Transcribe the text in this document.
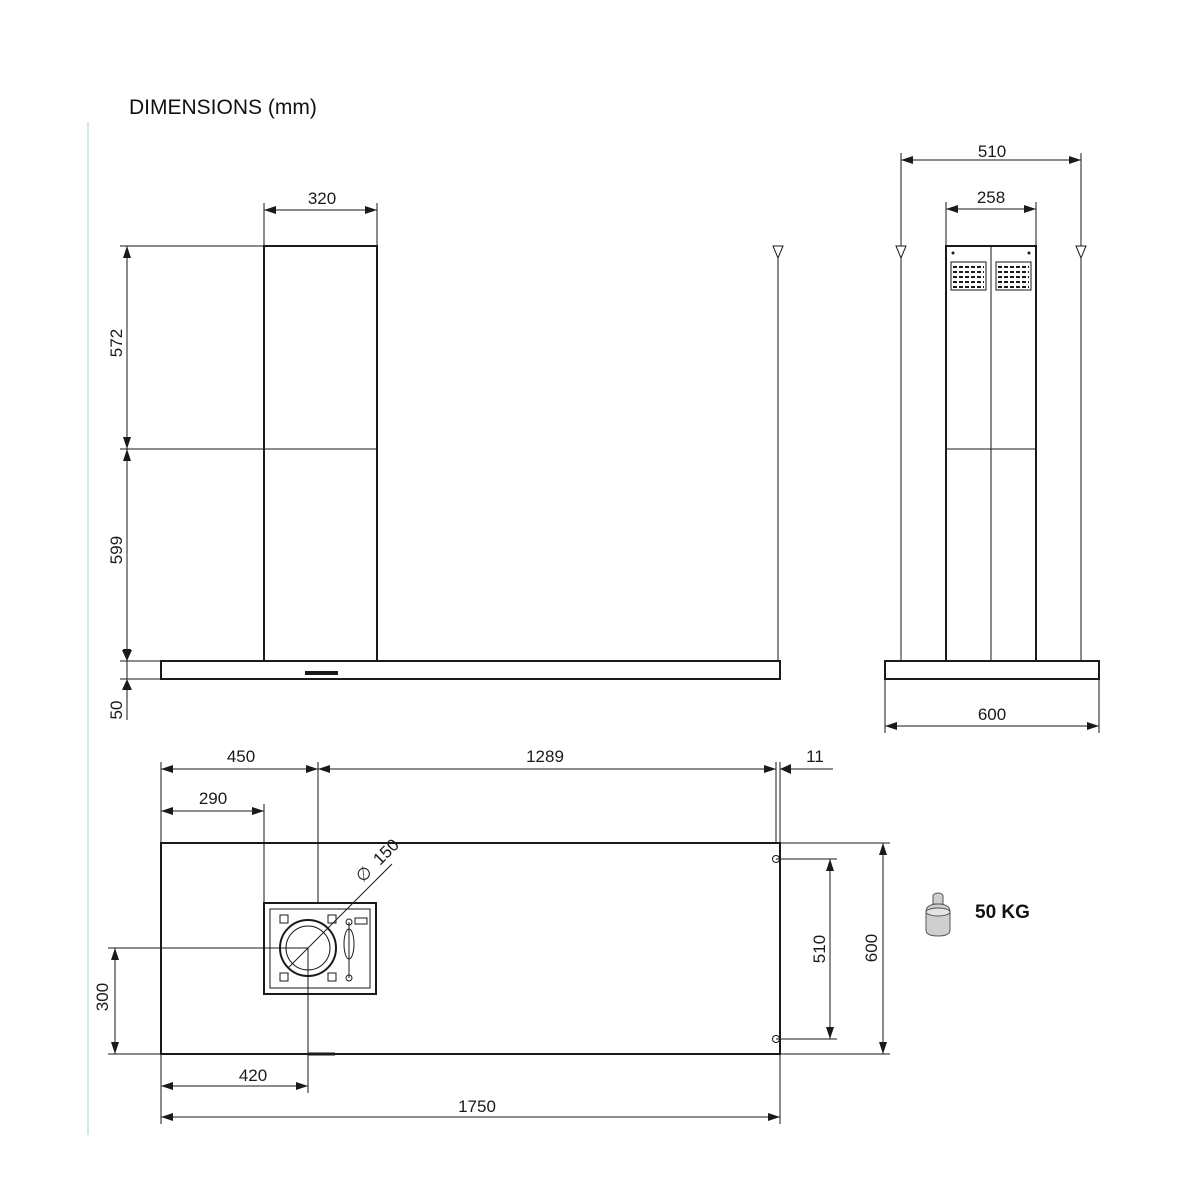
DIMENSIONS (mm)
320
572
599
50
510
258
600
∅
150
450	1289	11
290
420
1750
300
510 600
50 KG
